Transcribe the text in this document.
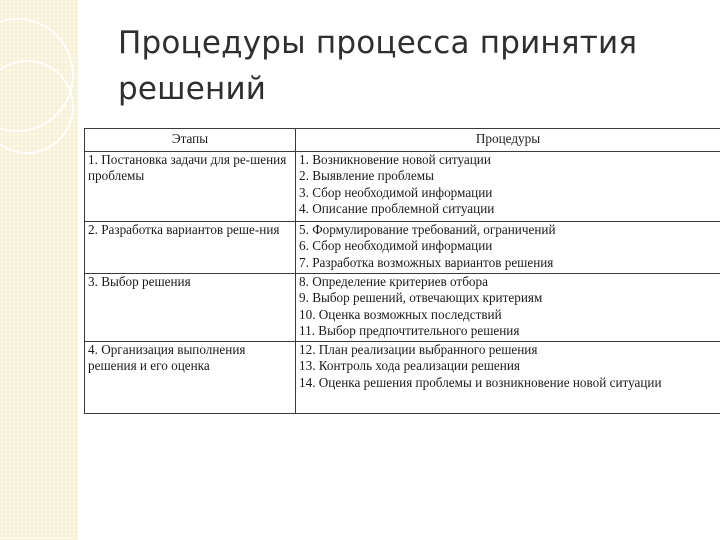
Процедуры процесса принятия решений
Этапы	Процедуры

1. Постановка задачи для ре-шения проблемы	1. Возникновение новой ситуации
2. Выявление проблемы
3. Сбор необходимой информации
4. Описание проблемной ситуации

2. Разработка вариантов реше-ния	5. Формулирование требований, ограничений
6. Сбор необходимой информации
7. Разработка возможных вариантов решения

3. Выбор решения	8. Определение критериев отбора
9. Выбор решений, отвечающих критериям
10. Оценка возможных последствий
11. Выбор предпочтительного решения

4. Организация выполнения решения и его оценка	12. План реализации выбранного решения
13. Контроль хода реализации решения
14. Оценка решения проблемы и возникновение новой ситуации
